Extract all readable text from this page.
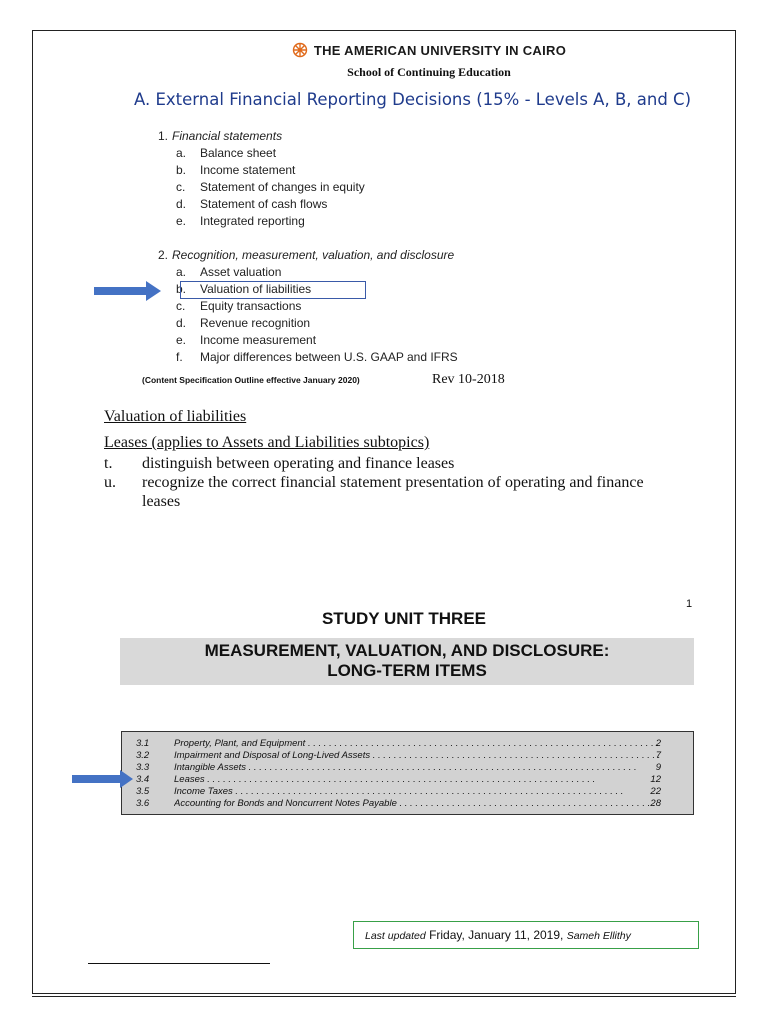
THE AMERICAN UNIVERSITY IN CAIRO
School of Continuing Education
A. External Financial Reporting Decisions (15% - Levels A, B, and C)
1. Financial statements
a. Balance sheet
b. Income statement
c. Statement of changes in equity
d. Statement of cash flows
e. Integrated reporting
2. Recognition, measurement, valuation, and disclosure
a. Asset valuation
b. Valuation of liabilities
c. Equity transactions
d. Revenue recognition
e. Income measurement
f. Major differences between U.S. GAAP and IFRS
(Content Specification Outline effective January 2020)	Rev 10-2018
Valuation of liabilities
Leases (applies to Assets and Liabilities subtopics)
t. distinguish between operating and finance leases
u. recognize the correct financial statement presentation of operating and finance
leases
1
STUDY UNIT THREE
MEASUREMENT, VALUATION, AND DISCLOSURE:
LONG-TERM ITEMS
3.1	Property, Plant, and Equipment . . .	2
3.2	Impairment and Disposal of Long-Lived Assets . . .	7
3.3	Intangible Assets . . .	9
3.4	Leases . . .	12
3.5	Income Taxes . . .	22
3.6	Accounting for Bonds and Noncurrent Notes Payable . . .	28
Last updated Friday, January 11, 2019, Sameh Ellithy
